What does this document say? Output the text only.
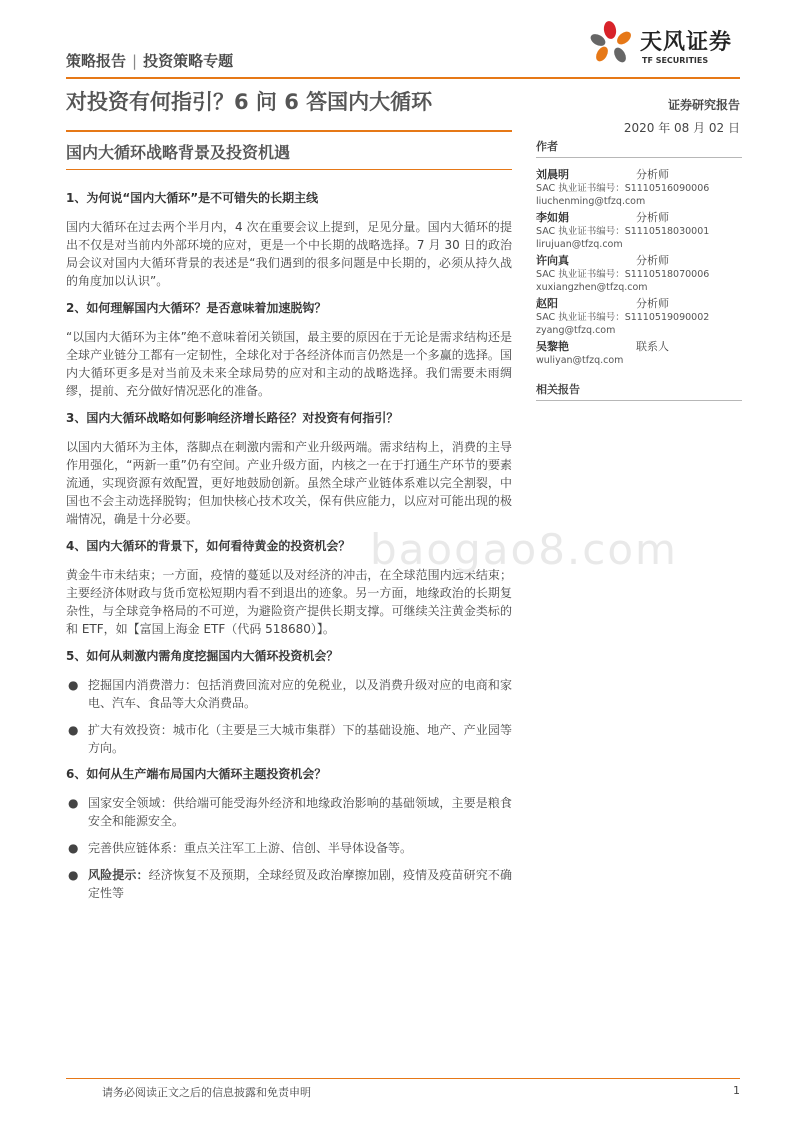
策略报告 | 投资策略专题
天风证券
TF SECURITIES
对投资有何指引？6 问 6 答国内大循环	证券研究报告
2020 年 08 月 02 日
国内大循环战略背景及投资机遇
1、为何说“国内大循环”是不可错失的长期主线

国内大循环在过去两个半月内，4 次在重要会议上提到，足见分量。国内大循环的提出不仅是对当前内外部环境的应对，更是一个中长期的战略选择。7 月 30 日的政治局会议对国内大循环背景的表述是“我们遇到的很多问题是中长期的，必须从持久战的角度加以认识”。

2、如何理解国内大循环？是否意味着加速脱钩？

“以国内大循环为主体”绝不意味着闭关锁国，最主要的原因在于无论是需求结构还是全球产业链分工都有一定韧性，全球化对于各经济体而言仍然是一个多赢的选择。国内大循环更多是对当前及未来全球局势的应对和主动的战略选择。我们需要未雨绸缪，提前、充分做好情况恶化的准备。

3、国内大循环战略如何影响经济增长路径？对投资有何指引？

以国内大循环为主体，落脚点在刺激内需和产业升级两端。需求结构上，消费的主导作用强化，“两新一重”仍有空间。产业升级方面，内核之一在于打通生产环节的要素流通，实现资源有效配置，更好地鼓励创新。虽然全球产业链体系难以完全割裂，中国也不会主动选择脱钩；但加快核心技术攻关，保有供应能力，以应对可能出现的极端情况，确是十分必要。

4、国内大循环的背景下，如何看待黄金的投资机会？

黄金牛市未结束；一方面，疫情的蔓延以及对经济的冲击，在全球范围内远未结束；主要经济体财政与货币宽松短期内看不到退出的迹象。另一方面，地缘政治的长期复杂性，与全球竞争格局的不可逆，为避险资产提供长期支撑。可继续关注黄金类标的和 ETF，如【富国上海金 ETF（代码 518680）】。

5、如何从刺激内需角度挖掘国内大循环投资机会？
● 挖掘国内消费潜力：包括消费回流对应的免税业，以及消费升级对应的电商和家电、汽车、食品等大众消费品。
● 扩大有效投资：城市化（主要是三大城市集群）下的基础设施、地产、产业园等方向。
6、如何从生产端布局国内大循环主题投资机会？
● 国家安全领域：供给端可能受海外经济和地缘政治影响的基础领域，主要是粮食安全和能源安全。
● 完善供应链体系：重点关注军工上游、信创、半导体设备等。
● 风险提示：经济恢复不及预期，全球经贸及政治摩擦加剧，疫情及疫苗研究不确定性等
作者
刘晨明	分析师
SAC 执业证书编号：S1110516090006
liuchenming@tfzq.com
李如娟	分析师
SAC 执业证书编号：S1110518030001
lirujuan@tfzq.com
许向真	分析师
SAC 执业证书编号：S1110518070006
xuxiangzhen@tfzq.com
赵阳	分析师
SAC 执业证书编号：S1110519090002
zyang@tfzq.com
吴黎艳	联系人
wuliyan@tfzq.com
相关报告
baogao8.com
请务必阅读正文之后的信息披露和免责申明	1
